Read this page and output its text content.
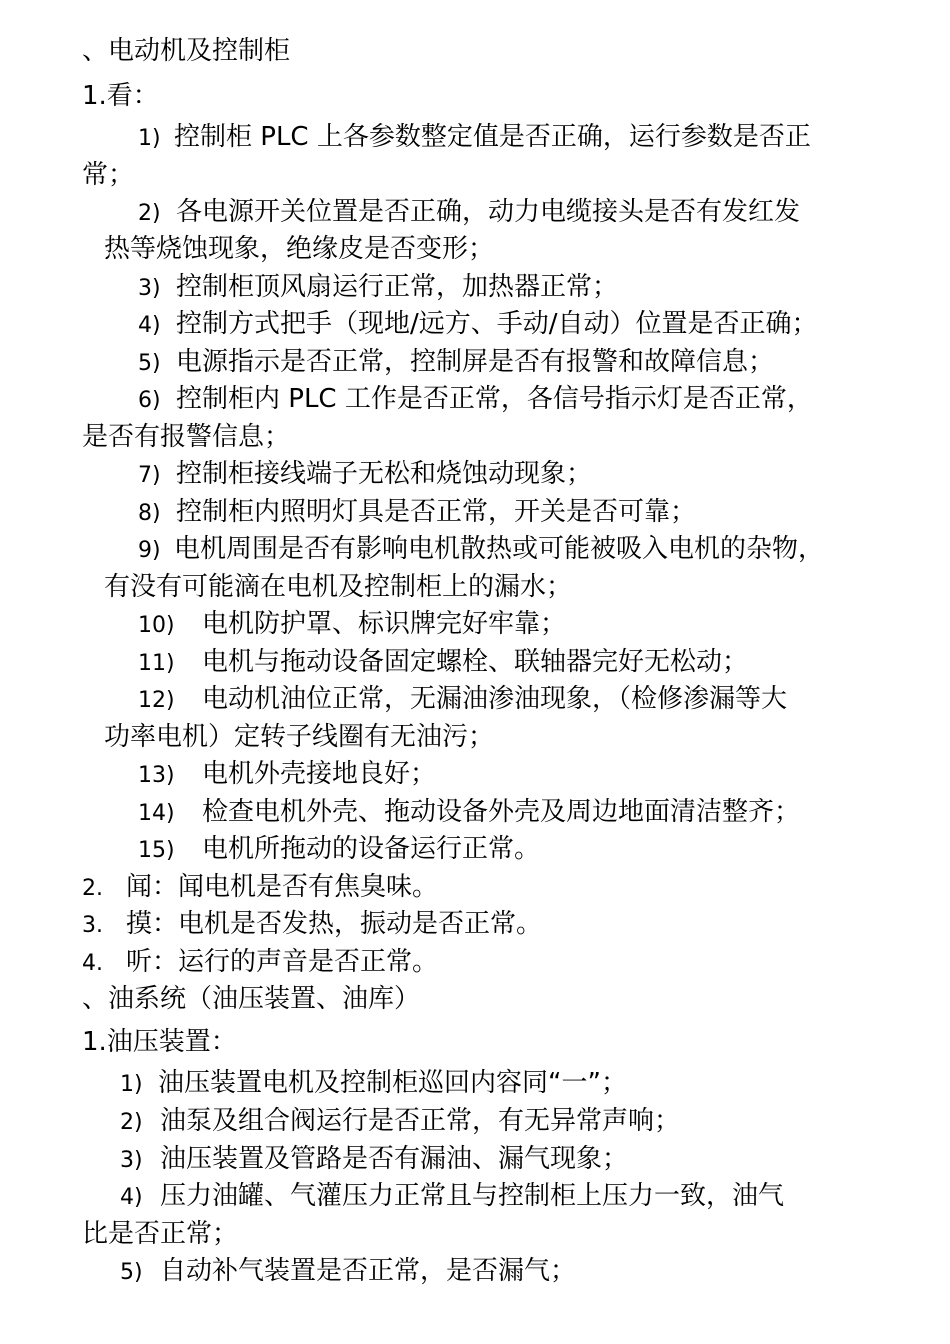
、电动机及控制柜
1.看：
1) 控制柜 PLC 上各参数整定值是否正确，运行参数是否正
常；
2) 各电源开关位置是否正确，动力电缆接头是否有发红发
热等烧蚀现象，绝缘皮是否变形；
3) 控制柜顶风扇运行正常，加热器正常；
4) 控制方式把手（现地/远方、手动/自动）位置是否正确；
5) 电源指示是否正常，控制屏是否有报警和故障信息；
6) 控制柜内 PLC 工作是否正常，各信号指示灯是否正常，
是否有报警信息；
7) 控制柜接线端子无松和烧蚀动现象；
8) 控制柜内照明灯具是否正常，开关是否可靠；
9) 电机周围是否有影响电机散热或可能被吸入电机的杂物，
有没有可能滴在电机及控制柜上的漏水；
10) 电机防护罩、标识牌完好牢靠；
11) 电机与拖动设备固定螺栓、联轴器完好无松动；
12) 电动机油位正常，无漏油渗油现象，（检修渗漏等大
功率电机）定转子线圈有无油污；
13) 电机外壳接地良好；
14) 检查电机外壳、拖动设备外壳及周边地面清洁整齐；
15) 电机所拖动的设备运行正常。
2. 闻：闻电机是否有焦臭味。
3. 摸：电机是否发热，振动是否正常。
4. 听：运行的声音是否正常。
、油系统（油压装置、油库）
1.油压装置：
1) 油压装置电机及控制柜巡回内容同“一”；
2) 油泵及组合阀运行是否正常，有无异常声响；
3) 油压装置及管路是否有漏油、漏气现象；
4) 压力油罐、气灌压力正常且与控制柜上压力一致，油气
比是否正常；
5) 自动补气装置是否正常，是否漏气；
